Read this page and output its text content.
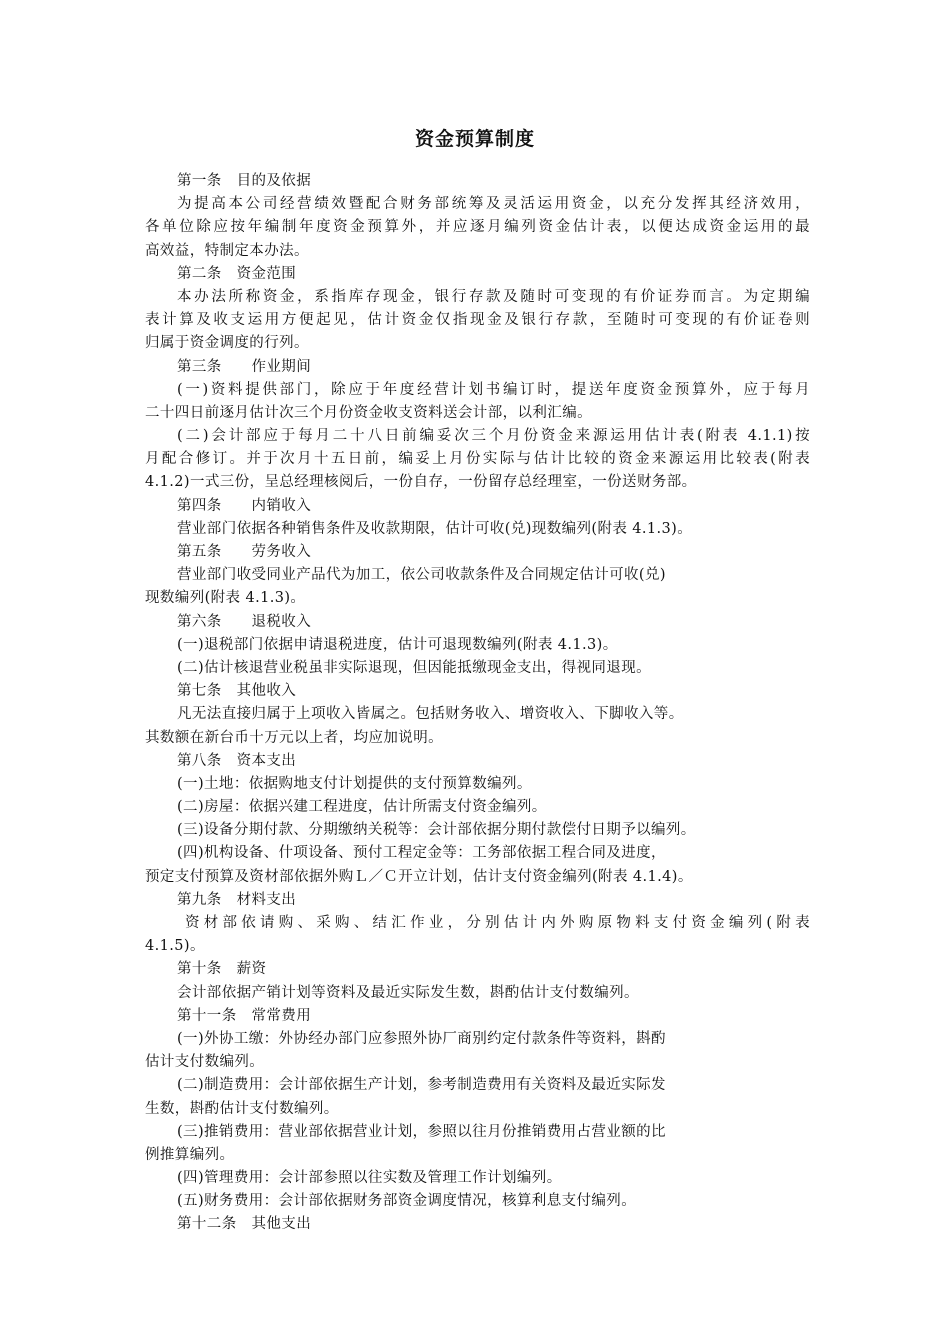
资金预算制度
第一条　目的及依据
为提高本公司经营绩效暨配合财务部统筹及灵活运用资金，以充分发挥其经济效用，
各单位除应按年编制年度资金预算外，并应逐月编列资金估计表，以便达成资金运用的最
高效益，特制定本办法。
第二条　资金范围
本办法所称资金，系指库存现金，银行存款及随时可变现的有价证券而言。为定期编
表计算及收支运用方便起见，估计资金仅指现金及银行存款，至随时可变现的有价证卷则
归属于资金调度的行列。
第三条　　作业期间
(一)资料提供部门，除应于年度经营计划书编订时，提送年度资金预算外，应于每月
二十四日前逐月估计次三个月份资金收支资料送会计部，以利汇编。
(二)会计部应于每月二十八日前编妥次三个月份资金来源运用估计表(附表 4.1.1)按
月配合修订。并于次月十五日前，编妥上月份实际与估计比较的资金来源运用比较表(附表
4.1.2)一式三份，呈总经理核阅后，一份自存，一份留存总经理室，一份送财务部。
第四条　　内销收入
营业部门依据各种销售条件及收款期限，估计可收(兑)现数编列(附表 4.1.3)。
第五条　　劳务收入
营业部门收受同业产品代为加工，依公司收款条件及合同规定估计可收(兑)
现数编列(附表 4.1.3)。
第六条　　退税收入
(一)退税部门依据申请退税进度，估计可退现数编列(附表 4.1.3)。
(二)估计核退营业税虽非实际退现，但因能抵缴现金支出，得视同退现。
第七条　其他收入
凡无法直接归属于上项收入皆属之。包括财务收入、增资收入、下脚收入等。
其数额在新台币十万元以上者，均应加说明。
第八条　资本支出
(一)土地：依据购地支付计划提供的支付预算数编列。
(二)房屋：依据兴建工程进度，估计所需支付资金编列。
(三)设备分期付款、分期缴纳关税等：会计部依据分期付款偿付日期予以编列。
(四)机构设备、什项设备、预付工程定金等：工务部依据工程合同及进度，
预定支付预算及资材部依据外购Ｌ／Ｃ开立计划，估计支付资金编列(附表 4.1.4)。
第九条　材料支出
资材部依请购、采购、结汇作业，分别估计内外购原物料支付资金编列(附表
4.1.5)。
第十条　薪资
会计部依据产销计划等资料及最近实际发生数，斟酌估计支付数编列。
第十一条　常常费用
(一)外协工缴：外协经办部门应参照外协厂商别约定付款条件等资料，斟酌
估计支付数编列。
(二)制造费用：会计部依据生产计划，参考制造费用有关资料及最近实际发
生数，斟酌估计支付数编列。
(三)推销费用：营业部依据营业计划，参照以往月份推销费用占营业额的比
例推算编列。
(四)管理费用：会计部参照以往实数及管理工作计划编列。
(五)财务费用：会计部依据财务部资金调度情况，核算利息支付编列。
第十二条　其他支出
